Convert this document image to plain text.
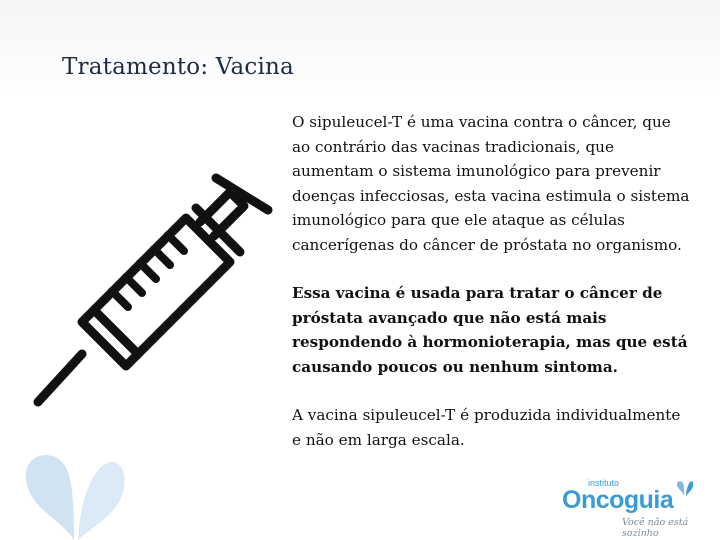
Tratamento: Vacina

O sipuleucel-T é uma vacina contra o câncer, que ao contrário das vacinas tradicionais, que aumentam o sistema imunológico para prevenir doenças infecciosas, esta vacina estimula o sistema imunológico para que ele ataque as células cancerígenas do câncer de próstata no organismo.

Essa vacina é usada para tratar o câncer de próstata avançado que não está mais respondendo à hormonioterapia, mas que está causando poucos ou nenhum sintoma.

A vacina sipuleucel-T é produzida individualmente e não em larga escala.

instituto
Oncoguia
Você não está sozinho
